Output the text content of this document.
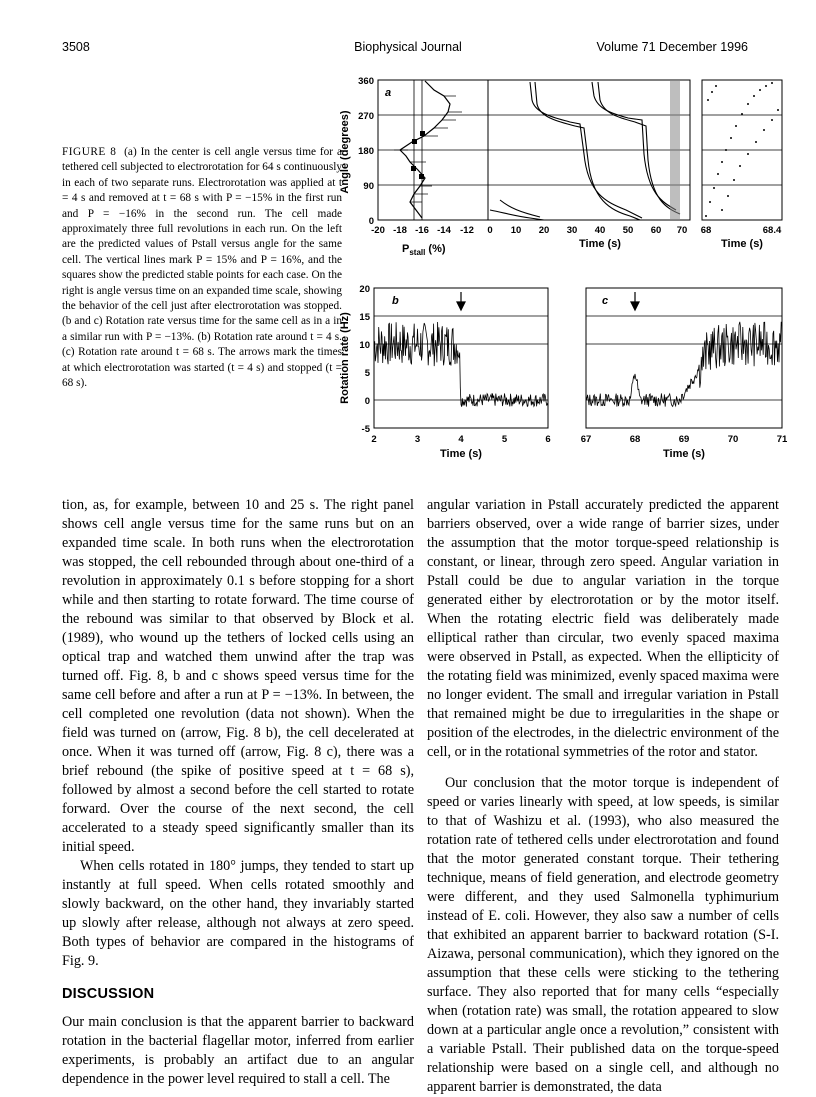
3508	Biophysical Journal	Volume 71 December 1996
FIGURE 8 (a) In the center is cell angle versus time for a tethered cell subjected to electrorotation for 64 s continuously in each of two separate runs. Electrorotation was applied at t = 4 s and removed at t = 68 s with P = −15% in the first run and P = −16% in the second run. The cell made approximately three full revolutions in each run. On the left are the predicted values of Pstall versus angle for the same cell. The vertical lines mark P = 15% and P = 16%, and the squares show the predicted stable points for each case. On the right is angle versus time on an expanded time scale, showing the behavior of the cell just after electrorotation was stopped. (b and c) Rotation rate versus time for the same cell as in a in a similar run with P = −13%. (b) Rotation rate around t = 4 s. (c) Rotation rate around t = 68 s. The arrows mark the times at which electrorotation was started (t = 4 s) and stopped (t = 68 s).
Angle (degrees)
a
360
270
180
90
0
-20 -18 -16 -14 -12 0 10 20 30 40 50 60 70 68	68.4
$P_{stall}$ (%)	Time (s)	Time (s)
Rotation rate (Hz)
b
-5
0
5
10
15
20
2	3	4	5	6
Time (s)
c
67	68	69	70	71
Time (s)

tion, as, for example, between 10 and 25 s. The right panel shows cell angle versus time for the same runs but on an expanded time scale. In both runs when the electrorotation was stopped, the cell rebounded through about one-third of a revolution in approximately 0.1 s before stopping for a short while and then starting to rotate forward. The time course of the rebound was similar to that observed by Block et al. (1989), who wound up the tethers of locked cells using an optical trap and watched them unwind after the trap was turned off. Fig. 8, b and c shows speed versus time for the same cell before and after a run at P = −13%. In between, the cell completed one revolution (data not shown). When the field was turned on (arrow, Fig. 8 b), the cell decelerated at once. When it was turned off (arrow, Fig. 8 c), there was a brief rebound (the spike of positive speed at t = 68 s), followed by almost a second before the cell started to rotate forward. Over the course of the next second, the cell accelerated to a steady speed significantly smaller than its initial speed.

When cells rotated in 180° jumps, they tended to start up instantly at full speed. When cells rotated smoothly and slowly backward, on the other hand, they invariably started up slowly after release, although not always at zero speed. Both types of behavior are compared in the histograms of Fig. 9.

DISCUSSION

Our main conclusion is that the apparent barrier to backward rotation in the bacterial flagellar motor, inferred from earlier experiments, is probably an artifact due to an angular dependence in the power level required to stall a cell. The

angular variation in Pstall accurately predicted the apparent barriers observed, over a wide range of barrier sizes, under the assumption that the motor torque-speed relationship is constant, or linear, through zero speed. Angular variation in Pstall could be due to angular variation in the torque generated either by electrorotation or by the motor itself. When the rotating electric field was deliberately made elliptical rather than circular, two evenly spaced maxima were observed in Pstall, as expected. When the ellipticity of the rotating field was minimized, evenly spaced maxima were no longer evident. The small and irregular variation in Pstall that remained might be due to irregularities in the shape or position of the electrodes, in the dielectric environment of the cell, or in the rotational symmetries of the rotor and stator.

Our conclusion that the motor torque is independent of speed or varies linearly with speed, at low speeds, is similar to that of Washizu et al. (1993), who also measured the rotation rate of tethered cells under electrorotation and found that the motor generated constant torque. Their tethering technique, means of field generation, and electrode geometry were different, and they used Salmonella typhimurium instead of E. coli. However, they also saw a number of cells that exhibited an apparent barrier to backward rotation (S-I. Aizawa, personal communication), which they ignored on the assumption that these cells were sticking to the tethering surface. They also reported that for many cells “especially when (rotation rate) was small, the rotation appeared to slow down at a particular angle once a revolution,” consistent with a variable Pstall. Their published data on the torque-speed relationship were based on a single cell, and although no apparent barrier is demonstrated, the data
